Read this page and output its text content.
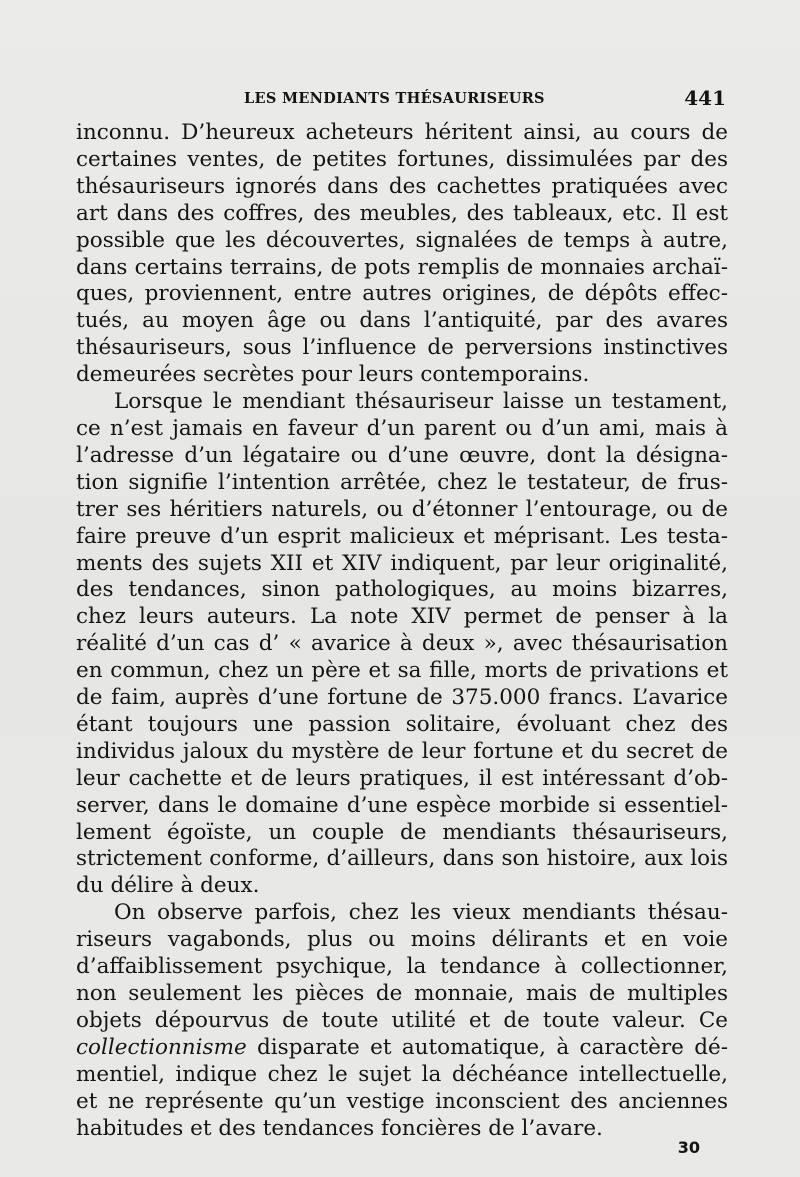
LES MENDIANTS THÉSAURISEURS	441

inconnu. D’heureux acheteurs héritent ainsi, au cours de certaines ventes, de petites fortunes, dissimulées par des thésauriseurs ignorés dans des cachettes pratiquées avec art dans des coffres, des meubles, des tableaux, etc. Il est possible que les découvertes, signalées de temps à autre, dans certains terrains, de pots remplis de monnaies archaïques, proviennent, entre autres origines, de dépôts effectués, au moyen âge ou dans l’antiquité, par des avares thésauriseurs, sous l’influence de perversions instinctives demeurées secrètes pour leurs contemporains.

Lorsque le mendiant thésauriseur laisse un testament, ce n’est jamais en faveur d’un parent ou d’un ami, mais à l’adresse d’un légataire ou d’une œuvre, dont la désignation signifie l’intention arrêtée, chez le testateur, de frustrer ses héritiers naturels, ou d’étonner l’entourage, ou de faire preuve d’un esprit malicieux et méprisant. Les testaments des sujets XII et XIV indiquent, par leur originalité, des tendances, sinon pathologiques, au moins bizarres, chez leurs auteurs. La note XIV permet de penser à la réalité d’un cas d’ « avarice à deux », avec thésaurisation en commun, chez un père et sa fille, morts de privations et de faim, auprès d’une fortune de 375.000 francs. L’avarice étant toujours une passion solitaire, évoluant chez des individus jaloux du mystère de leur fortune et du secret de leur cachette et de leurs pratiques, il est intéressant d’observer, dans le domaine d’une espèce morbide si essentiellement égoïste, un couple de mendiants thésauriseurs, strictement conforme, d’ailleurs, dans son histoire, aux lois du délire à deux.

On observe parfois, chez les vieux mendiants thésauriseurs vagabonds, plus ou moins délirants et en voie d’affaiblissement psychique, la tendance à collectionner, non seulement les pièces de monnaie, mais de multiples objets dépourvus de toute utilité et de toute valeur. Ce collectionnisme disparate et automatique, à caractère démentiel, indique chez le sujet la déchéance intellectuelle, et ne représente qu’un vestige inconscient des anciennes habitudes et des tendances foncières de l’avare.

30
